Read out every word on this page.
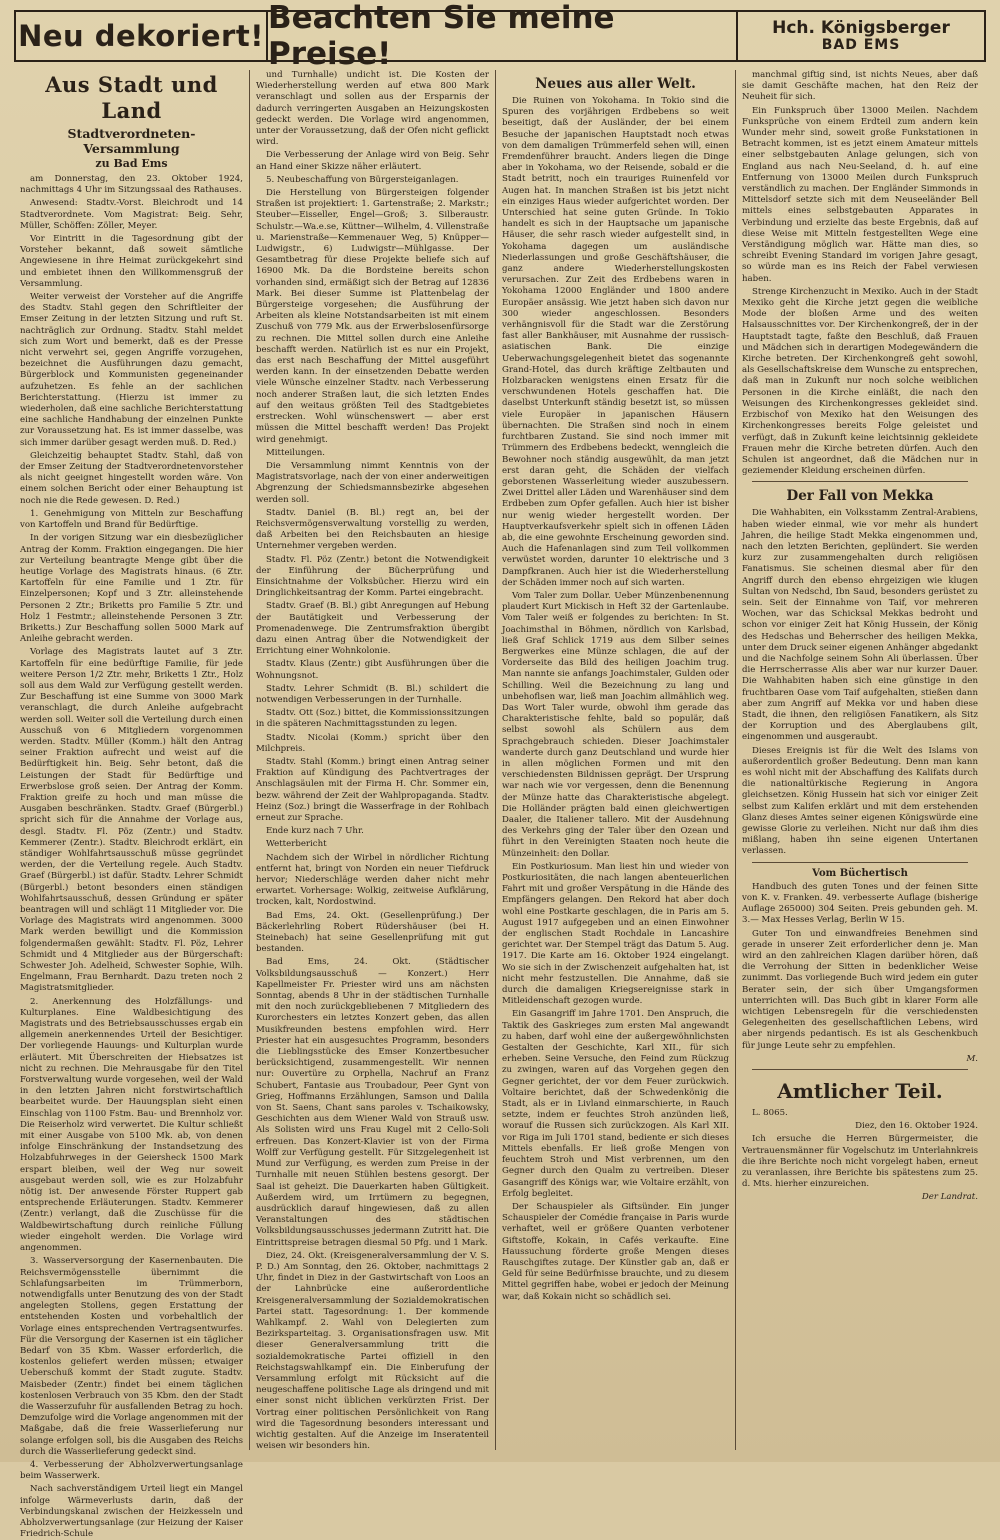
Neu dekoriert! Beachten Sie meine Preise!
Hch. Königsberger
BAD EMS
Aus Stadt und Land
Stadtverordneten-Versammlung
zu Bad Ems

am Donnerstag, den 23. Oktober 1924, nachmittags 4 Uhr im Sitzungssaal des Rathauses.

Anwesend: Stadtv.-Vorst. Bleichrodt und 14 Stadtverordnete. Vom Magistrat: Beig. Sehr, Müller, Schöffen: Zöller, Meyer.

Vor Eintritt in die Tagesordnung gibt der Vorsteher bekannt, daß soweit sämtliche Angewiesene in ihre Heimat zurückgekehrt sind und embietet ihnen den Willkommensgruß der Versammlung.

Weiter verweist der Vorsteher auf die Angriffe des Stadtv. Stahl gegen den Schriftleiter der Emser Zeitung in der letzten Sitzung und ruft St. nachträglich zur Ordnung. Stadtv. Stahl meldet sich zum Wort und bemerkt, daß es der Presse nicht verwehrt sei, gegen Angriffe vorzugehen, bezeichnet die Ausführungen dazu gemacht, Bürgerblock und Kommunisten gegeneinander aufzuhetzen. Es fehle an der sachlichen Berichterstattung. (Hierzu ist immer zu wiederholen, daß eine sachliche Berichterstattung eine sachliche Handhabung der einzelnen Punkte zur Voraussetzung hat. Es ist immer dasselbe, was sich immer darüber gesagt werden muß. D. Red.)

Gleichzeitig behauptet Stadtv. Stahl, daß von der Emser Zeitung der Stadtverordnetenvorsteher als nicht geeignet hingestellt worden wäre. Von einem solchen Bericht oder einer Behauptung ist noch nie die Rede gewesen. D. Red.)

1. Genehmigung von Mitteln zur Beschaffung von Kartoffeln und Brand für Bedürftige.

In der vorigen Sitzung war ein diesbezüglicher Antrag der Komm. Fraktion eingegangen. Die hier zur Verteilung beantragte Menge gibt über die heutige Vorlage des Magistrats hinaus. (6 Ztr. Kartoffeln für eine Familie und 1 Ztr. für Einzelpersonen; Kopf und 3 Ztr. alleinstehende Personen 2 Ztr.; Briketts pro Familie 5 Ztr. und Holz 1 Festmtr.; alleinstehende Personen 3 Ztr. Briketts.) Zur Beschaffung sollen 5000 Mark auf Anleihe gebracht werden.

Vorlage des Magistrats lautet auf 3 Ztr. Kartoffeln für eine bedürftige Familie, für jede weitere Person 1/2 Ztr. mehr, Briketts 1 Ztr., Holz soll aus dem Wald zur Verfügung gestellt werden. Zur Beschaffung ist eine Summe von 3000 Mark veranschlagt, die durch Anleihe aufgebracht werden soll. Weiter soll die Verteilung durch einen Ausschuß von 6 Mitgliedern vorgenommen werden. Stadtv. Müller (Komm.) hält den Antrag seiner Fraktion aufrecht und weist auf die Bedürftigkeit hin. Beig. Sehr betont, daß die Leistungen der Stadt für Bedürftige und Erwerbslose groß seien. Der Antrag der Komm. Fraktion greife zu hoch und man müsse die Ausgaben beschränken. Stadtv. Graef (Bürgerbl.) spricht sich für die Annahme der Vorlage aus, desgl. Stadtv. Fl. Pöz (Zentr.) und Stadtv. Kemmerer (Zentr.). Stadtv. Bleichrodt erklärt, ein ständiger Wohlfahrtsausschuß müsse gegründet werden, der die Verteilung regele. Auch Stadtv. Graef (Bürgerbl.) ist dafür. Stadtv. Lehrer Schmidt (Bürgerbl.) betont besonders einen ständigen Wohlfahrtsausschuß, dessen Gründung er später beantragen will und schlägt 11 Mitglieder vor. Die Vorlage des Magistrats wird angenommen. 3000 Mark werden bewilligt und die Kommission folgendermaßen gewählt: Stadtv. Fl. Pöz, Lehrer Schmidt und 4 Mitglieder aus der Bürgerschaft: Schwester Joh. Adelheid, Schwester Sophie, Wilh. Engelmann, Frau Bernhardt. Dazu treten noch 2 Magistratsmitglieder.

2. Anerkennung des Holzfällungs- und Kulturplanes. Eine Waldbesichtigung des Magistrats und des Betriebsausschusses ergab ein allgemein anerkennendes Urteil der Besichtiger. Der vorliegende Hauungs- und Kulturplan wurde erläutert. Mit Überschreiten der Hiebsatzes ist nicht zu rechnen. Die Mehrausgabe für den Titel Forstverwaltung wurde vorgesehen, weil der Wald in den letzten Jahren nicht forstwirtschaftlich bearbeitet wurde. Der Hauungsplan sieht einen Einschlag von 1100 Fstm. Bau- und Brennholz vor. Die Reiserholz wird verwertet. Die Kultur schließt mit einer Ausgabe von 5100 Mk. ab, von denen infolge Einschränkung der Instandsetzung des Holzabfuhrweges in der Geiersheck 1500 Mark erspart bleiben, weil der Weg nur soweit ausgebaut werden soll, wie es zur Holzabfuhr nötig ist. Der anwesende Förster Ruppert gab entsprechende Erläuterungen. Stadtv. Kemmerer (Zentr.) verlangt, daß die Zuschüsse für die Waldbewirtschaftung durch reinliche Füllung wieder eingeholt werden. Die Vorlage wird angenommen.

3. Wasserversorgung der Kasernenbauten. Die Reichsvermögensstelle übernimmt die Schlafungsarbeiten im Trümmerborn, notwendigfalls unter Benutzung des von der Stadt angelegten Stollens, gegen Erstattung der entstehenden Kosten und vorbehaltlich der Vorlage eines entsprechenden Vertragsentwurfes. Für die Versorgung der Kasernen ist ein täglicher Bedarf von 35 Kbm. Wasser erforderlich, die kostenlos geliefert werden müssen; etwaiger Ueberschuß kommt der Stadt zugute. Stadtv. Maisbeder (Zentr.) findet bei einem täglichen kostenlosen Verbrauch von 35 Kbm. den der Stadt die Wasserzufuhr für ausfallenden Betrag zu hoch. Demzufolge wird die Vorlage angenommen mit der Maßgabe, daß die freie Wasserlieferung nur solange erfolgen soll, bis die Ausgaben des Reichs durch die Wasserlieferung gedeckt sind.

4. Verbesserung der Abholzverwertungsanlage beim Wasserwerk.

Nach sachverständigem Urteil liegt ein Mangel infolge Wärmeverlusts darin, daß der Verbindungskanal zwischen der Heizkesseln und Abholzverwertungsanlage (zur Heizung der Kaiser Friedrich-Schule

und Turnhalle) undicht ist. Die Kosten der Wiederherstellung werden auf etwa 800 Mark veranschlagt und sollen aus der Ersparnis der dadurch verringerten Ausgaben an Heizungskosten gedeckt werden. Die Vorlage wird angenommen, unter der Voraussetzung, daß der Ofen nicht geflickt wird.

Die Verbesserung der Anlage wird von Beig. Sehr an Hand einer Skizze näher erläutert.

5. Neubeschaffung von Bürgersteiganlagen.

Die Herstellung von Bürgersteigen folgender Straßen ist projektiert: 1. Gartenstraße; 2. Markstr.; Steuber—Eisseller, Engel—Groß; 3. Silberaustr. Schulstr.—Wa.e.se, Küttner—Wilhelm, 4. Villenstraße u. Marienstraße—Kemmenauer Weg, 5) Knüpper—Ludwigstr., 6) Ludwigstr—Mühlgasse. Der Gesamtbetrag für diese Projekte beliefe sich auf 16900 Mk. Da die Bordsteine bereits schon vorhanden sind, ermäßigt sich der Betrag auf 12836 Mark. Bei dieser Summe ist Plattenbelag der Bürgersteige vorgesehen; die Ausführung der Arbeiten als kleine Notstandsarbeiten ist mit einem Zuschuß von 779 Mk. aus der Erwerbslosenfürsorge zu rechnen. Die Mittel sollen durch eine Anleihe beschafft werden. Natürlich ist es nur ein Projekt, das erst nach Beschaffung der Mittel ausgeführt werden kann. In der einsetzenden Debatte werden viele Wünsche einzelner Stadtv. nach Verbesserung noch anderer Straßen laut, die sich letzten Endes auf den weitaus größten Teil des Stadtgebietes erstrecken. Wohl wünschenswert — aber erst müssen die Mittel beschafft werden! Das Projekt wird genehmigt.

Mitteilungen.

Die Versammlung nimmt Kenntnis von der Magistratsvorlage, nach der von einer anderweitigen Abgrenzung der Schiedsmannsbezirke abgesehen werden soll.

Stadtv. Daniel (B. Bl.) regt an, bei der Reichsvermögensverwaltung vorstellig zu werden, daß Arbeiten bei den Reichsbauten an hiesige Unternehmer vergeben werden.

Stadtv. Fl. Pöz (Zentr.) betont die Notwendigkeit der Einführung der Bücherprüfung und Einsichtnahme der Volksbücher. Hierzu wird ein Dringlichkeitsantrag der Komm. Partei eingebracht.

Stadtv. Graef (B. Bl.) gibt Anregungen auf Hebung der Bautätigkeit und Verbesserung der Promenadenwege. Die Zentrumsfraktion übergibt dazu einen Antrag über die Notwendigkeit der Errichtung einer Wohnkolonie.

Stadtv. Klaus (Zentr.) gibt Ausführungen über die Wohnungsnot.

Stadtv. Lehrer Schmidt (B. Bl.) schildert die notwendigen Verbesserungen in der Turnhalle.

Stadtv. Ott (Soz.) bittet, die Kommissionssitzungen in die späteren Nachmittagsstunden zu legen.

Stadtv. Nicolai (Komm.) spricht über den Milchpreis.

Stadtv. Stahl (Komm.) bringt einen Antrag seiner Fraktion auf Kündigung des Pachtvertrages der Anschlagsäulen mit der Firma H. Chr. Sommer ein, bezw. während der Zeit der Wahlpropaganda. Stadtv. Heinz (Soz.) bringt die Wasserfrage in der Rohlbach erneut zur Sprache.

Ende kurz nach 7 Uhr.

Wetterbericht

Nachdem sich der Wirbel in nördlicher Richtung entfernt hat, bringt von Norden ein neuer Tiefdruck hervor; Niederschläge werden daher nicht mehr erwartet. Vorhersage: Wolkig, zeitweise Aufklärung, trocken, kalt, Nordostwind.

Bad Ems, 24. Okt. (Gesellenprüfung.) Der Bäckerlehrling Robert Rüdershäuser (bei H. Steinebach) hat seine Gesellenprüfung mit gut bestanden.

Bad Ems, 24. Okt. (Städtischer Volksbildungsausschuß — Konzert.) Herr Kapellmeister Fr. Priester wird uns am nächsten Sonntag, abends 8 Uhr in der städtischen Turnhalle mit den noch zurückgebliebenen 7 Mitgliedern des Kurorchesters ein letztes Konzert geben, das allen Musikfreunden bestens empfohlen wird. Herr Priester hat ein ausgesuchtes Programm, besonders die Lieblingsstücke des Emser Konzertbesucher berücksichtigend, zusammengestellt. Wir nennen nur: Ouvertüre zu Orphella, Nachruf an Franz Schubert, Fantasie aus Troubadour, Peer Gynt von Grieg, Hoffmanns Erzählungen, Samson und Dalila von St. Saens, Chant sans paroles v. Tschaikowsky, Geschichten aus dem Wiener Wald von Strauß usw. Als Solisten wird uns Frau Kugel mit 2 Cello-Soli erfreuen. Das Konzert-Klavier ist von der Firma Wolff zur Verfügung gestellt. Für Sitzgelegenheit ist Mund zur Verfügung, es werden zum Preise in der Turnhalle mit neuen Stühlen bestens gesorgt. Der Saal ist geheizt. Die Dauerkarten haben Gültigkeit. Außerdem wird, um Irrtümern zu begegnen, ausdrücklich darauf hingewiesen, daß zu allen Veranstaltungen des städtischen Volksbildungsausschusses jedermann Zutritt hat. Die Eintrittspreise betragen diesmal 50 Pfg. und 1 Mark.

Diez, 24. Okt. (Kreisgeneralversammlung der V. S. P. D.) Am Sonntag, den 26. Oktober, nachmittags 2 Uhr, findet in Diez in der Gastwirtschaft von Loos an der Lahnbrücke eine außerordentliche Kreisgeneralversammlung der Sozialdemokratischen Partei statt. Tagesordnung: 1. Der kommende Wahlkampf. 2. Wahl von Delegierten zum Bezirksparteitag. 3. Organisationsfragen usw. Mit dieser Generalversammlung tritt die sozialdemokratische Partei offiziell in den Reichstagswahlkampf ein. Die Einberufung der Versammlung erfolgt mit Rücksicht auf die neugeschaffene politische Lage als dringend und mit einer sonst nicht üblichen verkürzten Frist. Der Vortrag einer politischen Persönlichkeit von Rang wird die Tagesordnung besonders interessant und wichtig gestalten. Auf die Anzeige im Inseratenteil weisen wir besonders hin.

Neues aus aller Welt.

Die Ruinen von Yokohama. In Tokio sind die Spuren des vorjährigen Erdbebens so weit beseitigt, daß der Ausländer, der bei einem Besuche der japanischen Hauptstadt noch etwas von dem damaligen Trümmerfeld sehen will, einen Fremdenführer braucht. Anders liegen die Dinge aber in Yokohama, wo der Reisende, sobald er die Stadt betritt, noch ein trauriges Ruinenfeld vor Augen hat. In manchen Straßen ist bis jetzt nicht ein einziges Haus wieder aufgerichtet worden. Der Unterschied hat seine guten Gründe. In Tokio handelt es sich in der Hauptsache um japanische Häuser, die sehr rasch wieder aufgestellt sind, in Yokohama dagegen um ausländische Niederlassungen und große Geschäftshäuser, die ganz andere Wiederherstellungskosten verursachen. Zur Zeit des Erdbebens waren in Yokohama 12000 Engländer und 1800 andere Europäer ansässig. Wie jetzt haben sich davon nur 300 wieder angeschlossen. Besonders verhängnisvoll für die Stadt war die Zerstörung fast aller Bankhäuser, mit Ausnahme der russisch-asiatischen Bank. Die einzige Ueberwachungsgelegenheit bietet das sogenannte Grand-Hotel, das durch kräftige Zeltbauten und Holzbaracken wenigstens einen Ersatz für die verschwundenen Hotels geschaffen hat. Die daselbst Unterkunft ständig besetzt ist, so müssen viele Europäer in japanischen Häusern übernachten. Die Straßen sind noch in einem furchtbaren Zustand. Sie sind noch immer mit Trümmern des Erdbebens bedeckt, wenngleich die Bewohner noch ständig ausgewühlt, da man jetzt erst daran geht, die Schäden der vielfach geborstenen Wasserleitung wieder auszubessern. Zwei Drittel aller Läden und Warenhäuser sind dem Erdbeben zum Opfer gefallen. Auch hier ist bisher nur wenig wieder hergestellt worden. Der Hauptverkaufsverkehr spielt sich in offenen Läden ab, die eine gewohnte Erscheinung geworden sind. Auch die Hafenanlagen sind zum Teil vollkommen verwüstet worden, darunter 10 elektrische und 3 Dampfkranen. Auch hier ist die Wiederherstellung der Schäden immer noch auf sich warten.

Vom Taler zum Dollar. Ueber Münzenbenennung plaudert Kurt Mickisch in Heft 32 der Gartenlaube. Vom Taler weiß er folgendes zu berichten: In St. Joachimsthal in Böhmen, nördlich von Karlsbad, ließ Graf Schlick 1719 aus dem Silber seines Bergwerkes eine Münze schlagen, die auf der Vorderseite das Bild des heiligen Joachim trug. Man nannte sie anfangs Joachimstaler, Gulden oder Schilling. Weil die Bezeichnung zu lang und unbehoflsen war, ließ man Joachim allmählich weg. Das Wort Taler wurde, obwohl ihm gerade das Charakteristische fehlte, bald so populär, daß selbst sowohl als Schülern aus dem Sprachgebrauch schieden. Dieser Joachimstaler wanderte durch ganz Deutschland und wurde hier in allen möglichen Formen und mit den verschiedensten Bildnissen geprägt. Der Ursprung war nach wie vor vergessen, denn die Benennung der Münze hatte das Charakteristische abgelegt. Die Holländer prägten bald einen gleichwertigen Daaler, die Italiener tallero. Mit der Ausdehnung des Verkehrs ging der Taler über den Ozean und führt in den Vereinigten Staaten noch heute die Münzeinheit: den Dollar.

Ein Postkuriosum. Man liest hin und wieder von Postkuriositäten, die nach langen abenteuerlichen Fahrt mit und großer Verspätung in die Hände des Empfängers gelangen. Den Rekord hat aber doch wohl eine Postkarte geschlagen, die in Paris am 5. August 1917 aufgegeben und an einen Einwohner der englischen Stadt Rochdale in Lancashire gerichtet war. Der Stempel trägt das Datum 5. Aug. 1917. Die Karte am 16. Oktober 1924 eingelangt. Wo sie sich in der Zwischenzeit aufgehalten hat, ist nicht mehr festzustellen. Die Annahme, daß sie durch die damaligen Kriegsereignisse stark in Mitleidenschaft gezogen wurde.

Ein Gasangriff im Jahre 1701. Den Anspruch, die Taktik des Gaskrieges zum ersten Mal angewandt zu haben, darf wohl eine der außergewöhnlichsten Gestalten der Geschichte, Karl XII., für sich erheben. Seine Versuche, den Feind zum Rückzug zu zwingen, waren auf das Vorgehen gegen den Gegner gerichtet, der vor dem Feuer zurückwich. Voltaire berichtet, daß der Schwedenkönig die Stadt, als er in Livland einmarschierte, in Rauch setzte, indem er feuchtes Stroh anzünden ließ, worauf die Russen sich zurückzogen. Als Karl XII. vor Riga im Juli 1701 stand, bediente er sich dieses Mittels ebenfalls. Er ließ große Mengen von feuchtem Stroh und Mist verbrennen, um den Gegner durch den Qualm zu vertreiben. Dieser Gasangriff des Königs war, wie Voltaire erzählt, von Erfolg begleitet.

Der Schauspieler als Giftsünder. Ein junger Schauspieler der Comédie française in Paris wurde verhaftet, weil er größere Quanten verbotener Giftstoffe, Kokain, in Cafés verkaufte. Eine Haussuchung förderte große Mengen dieses Rauschgiftes zutage. Der Künstler gab an, daß er Geld für seine Bedürfnisse brauchte, und zu diesem Mittel gegriffen habe, wobei er jedoch der Meinung war, daß Kokain nicht so schädlich sei.

manchmal giftig sind, ist nichts Neues, aber daß sie damit Geschäfte machen, hat den Reiz der Neuheit für sich.

Ein Funkspruch über 13000 Meilen. Nachdem Funksprüche von einem Erdteil zum andern kein Wunder mehr sind, soweit große Funkstationen in Betracht kommen, ist es jetzt einem Amateur mittels einer selbstgebauten Anlage gelungen, sich von England aus nach Neu-Seeland, d. h. auf eine Entfernung von 13000 Meilen durch Funkspruch verständlich zu machen. Der Engländer Simmonds in Mittelsdorf setzte sich mit dem Neuseeländer Bell mittels eines selbstgebauten Apparates in Verbindung und erzielte das beste Ergebnis, daß auf diese Weise mit Mitteln festgestellten Wege eine Verständigung möglich war. Hätte man dies, so schreibt Evening Standard im vorigen Jahre gesagt, so würde man es ins Reich der Fabel verwiesen haben.

Strenge Kirchenzucht in Mexiko. Auch in der Stadt Mexiko geht die Kirche jetzt gegen die weibliche Mode der bloßen Arme und des weiten Halsausschnittes vor. Der Kirchenkongreß, der in der Hauptstadt tagte, faßte den Beschluß, daß Frauen und Mädchen sich in derartigen Modegewändern die Kirche betreten. Der Kirchenkongreß geht sowohl, als Gesellschaftskreise dem Wunsche zu entsprechen, daß man in Zukunft nur noch solche weiblichen Personen in die Kirche einläßt, die nach den Weisungen des Kirchenkongresses gekleidet sind. Erzbischof von Mexiko hat den Weisungen des Kirchenkongresses bereits Folge geleistet und verfügt, daß in Zukunft keine leichtsinnig gekleidete Frauen mehr die Kirche betreten dürfen. Auch den Schulen ist angeordnet, daß die Mädchen nur in geziemender Kleidung erscheinen dürfen.

Der Fall von Mekka

Die Wahhabiten, ein Volksstamm Zentral-Arabiens, haben wieder einmal, wie vor mehr als hundert Jahren, die heilige Stadt Mekka eingenommen und, nach den letzten Berichten, geplündert. Sie werden kurz zur zusammengehalten durch religiösen Fanatismus. Sie scheinen diesmal aber für den Angriff durch den ebenso ehrgeizigen wie klugen Sultan von Nedschd, Ibn Saud, besonders gerüstet zu sein. Seit der Einnahme von Taif, vor mehreren Wochen, war das Schicksal Mekkas bedroht und schon vor einiger Zeit hat König Hussein, der König des Hedschas und Beherrscher des heiligen Mekka, unter dem Druck seiner eigenen Anhänger abgedankt und die Nachfolge seinem Sohn Ali überlassen. Über die Herrscherrasse Alis aber war nur kurzer Dauer. Die Wahhabiten haben sich eine günstige in den fruchtbaren Oase vom Taif aufgehalten, stießen dann aber zum Angriff auf Mekka vor und haben diese Stadt, die ihnen, den religiösen Fanatikern, als Sitz der Korruption und des Aberglaubens gilt, eingenommen und ausgeraubt.

Dieses Ereignis ist für die Welt des Islams von außerordentlich großer Bedeutung. Denn man kann es wohl nicht mit der Abschaffung des Kalifats durch die nationaltürkische Regierung in Angora gleichsetzen. König Hussein hat sich vor einiger Zeit selbst zum Kalifen erklärt und mit dem erstehenden Glanz dieses Amtes seiner eigenen Königswürde eine gewisse Glorie zu verleihen. Nicht nur daß ihm dies mißlang, haben ihn seine eigenen Untertanen verlassen.

Vom Büchertisch

Handbuch des guten Tones und der feinen Sitte von K. v. Franken. 49. verbesserte Auflage (bisherige Auflage 265000) 304 Seiten. Preis gebunden geh. M. 3.— Max Hesses Verlag, Berlin W 15.

Guter Ton und einwandfreies Benehmen sind gerade in unserer Zeit erforderlicher denn je. Man wird an den zahlreichen Klagen darüber hören, daß die Verrohung der Sitten in bedenklicher Weise zunimmt. Das vorliegende Buch wird jedem ein guter Berater sein, der sich über Umgangsformen unterrichten will. Das Buch gibt in klarer Form alle wichtigen Lebensregeln für die verschiedensten Gelegenheiten des gesellschaftlichen Lebens, wird aber nirgends pedantisch. Es ist als Geschenkbuch für junge Leute sehr zu empfehlen.

M.

Amtlicher Teil.

L. 8065.

Diez, den 16. Oktober 1924.

Ich ersuche die Herren Bürgermeister, die Vertrauensmänner für Vogelschutz im Unterlahnkreis die ihre Berichte noch nicht vorgelegt haben, erneut zu veranlassen, ihre Berichte bis spätestens zum 25. d. Mts. hierher einzureichen.

Der Landrat.
